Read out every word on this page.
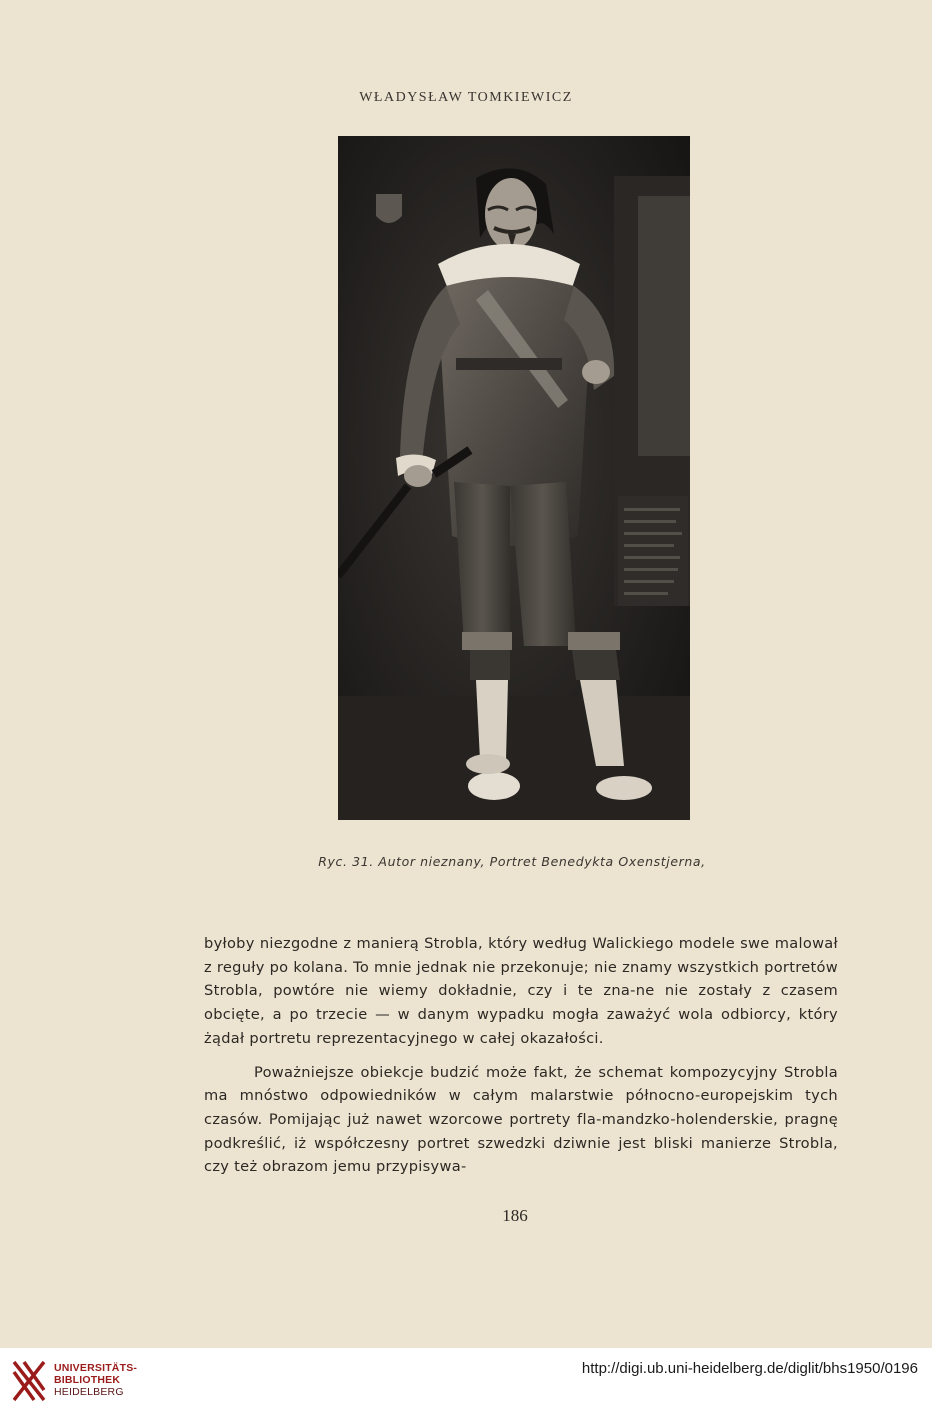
WŁADYSŁAW TOMKIEWICZ
Ryc. 31. Autor nieznany, Portret Benedykta Oxenstjerna,

byłoby niezgodne z manierą Strobla, który według Walickiego modele swe malował z reguły po kolana. To mnie jednak nie przekonuje; nie znamy wszystkich portretów Strobla, powtóre nie wiemy dokładnie, czy i te zna-ne nie zostały z czasem obcięte, a po trzecie — w danym wypadku mogła zaważyć wola odbiorcy, który żądał portretu reprezentacyjnego w całej okazałości.

Poważniejsze obiekcje budzić może fakt, że schemat kompozycyjny Strobla ma mnóstwo odpowiedników w całym malarstwie północno-europejskim tych czasów. Pomijając już nawet wzorcowe portrety fla-mandzko-holenderskie, pragnę podkreślić, iż współczesny portret szwedzki dziwnie jest bliski manierze Strobla, czy też obrazom jemu przypisywa-

186
UNIVERSITÄTS-
BIBLIOTHEK
HEIDELBERG
http://digi.ub.uni-heidelberg.de/diglit/bhs1950/0196
